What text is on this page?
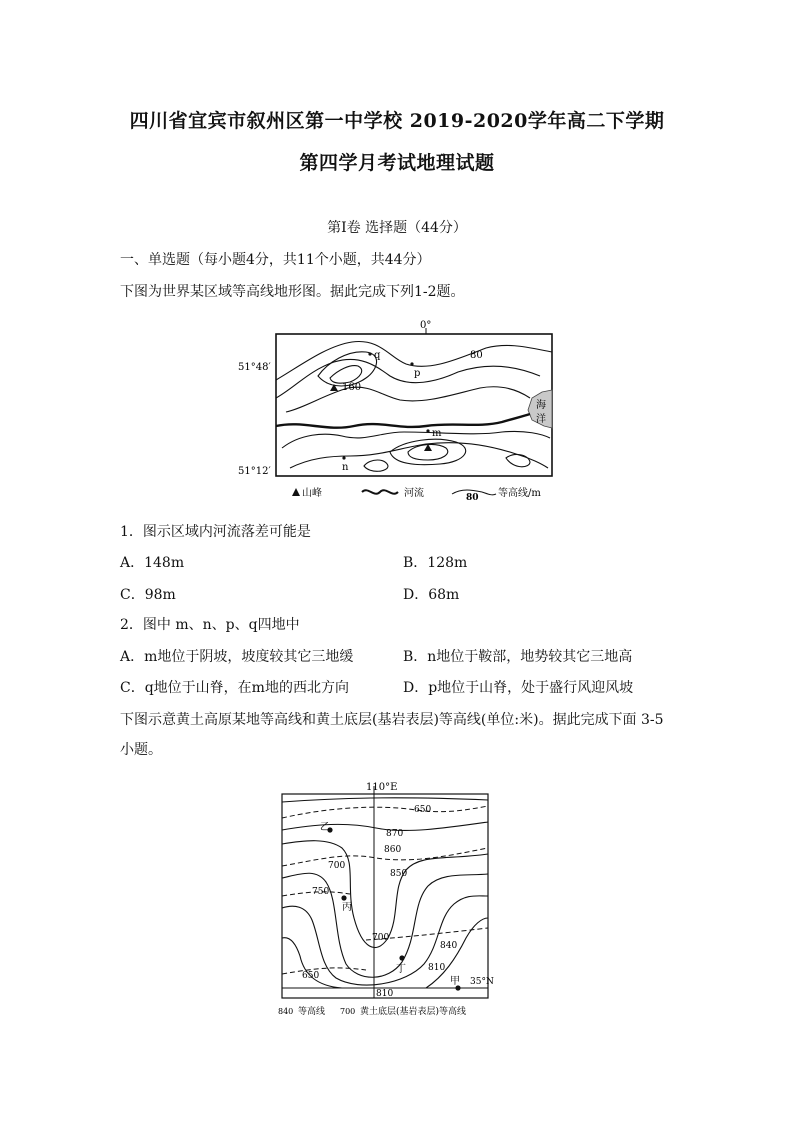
四川省宜宾市叙州区第一中学校 2019-2020学年高二下学期
第四学月考试地理试题
第Ⅰ卷 选择题（44分）
一、单选题（每小题4分，共11个小题，共44分）
下图为世界某区域等高线地形图。据此完成下列1-2题。
0°
51°48′
51°12′
海
洋
160
80
q
p
m
n
山峰	河流	80 等高线/m
1．图示区域内河流落差可能是
A．148m	B．128m
C．98m	D．68m
2．图中 m、n、p、q四地中
A．m地位于阴坡，坡度较其它三地缓	B．n地位于鞍部，地势较其它三地高
C．q地位于山脊，在m地的西北方向	D．p地位于山脊，处于盛行风迎风坡
下图示意黄土高原某地等高线和黄土底层(基岩表层)等高线(单位:米)。据此完成下面 3-5
小题。
110°E
35°N
650
870
860
700
850
750
700
840
810
650
810
乙
丙
丁
甲
840 等高线 700 黄土底层(基岩表层)等高线
